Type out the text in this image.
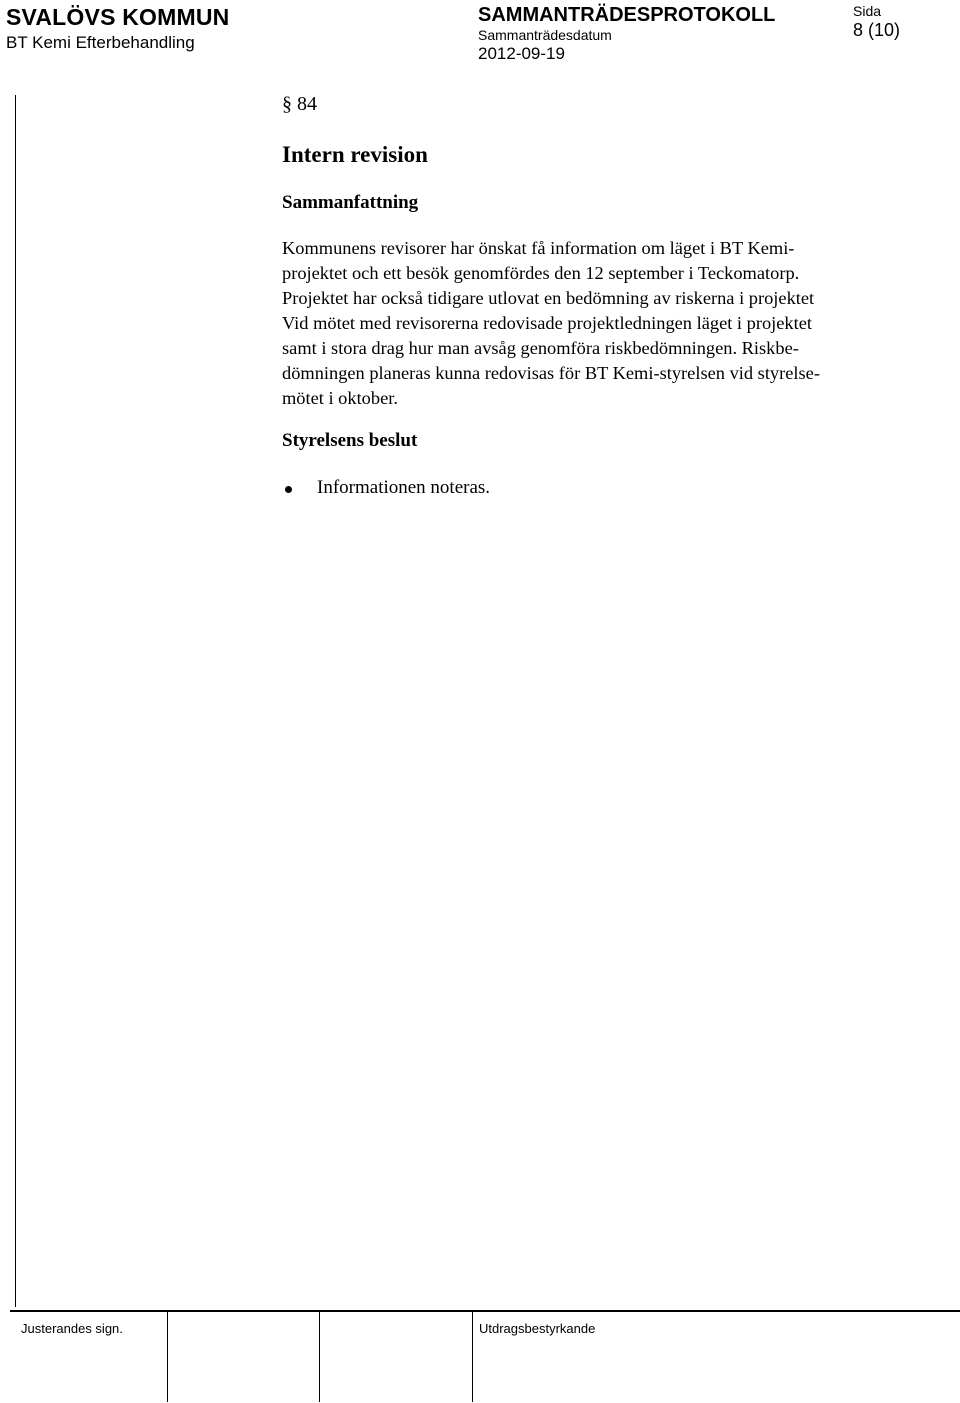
SVALÖVS KOMMUN
BT Kemi Efterbehandling
SAMMANTRÄDESPROTOKOLL
Sammanträdesdatum
2012-09-19
Sida
8 (10)
§ 84
Intern revision
Sammanfattning
Kommunens revisorer har önskat få information om läget i BT Kemi-
projektet och ett besök genomfördes den 12 september i Teckomatorp.
Projektet har också tidigare utlovat en bedömning av riskerna i projektet
Vid mötet med revisorerna redovisade projektledningen läget i projektet
samt i stora drag hur man avsåg genomföra riskbedömningen. Riskbe-
dömningen planeras kunna redovisas för BT Kemi-styrelsen vid styrelse-
mötet i oktober.
Styrelsens beslut
Informationen noteras.
Justerandes sign.	Utdragsbestyrkande
